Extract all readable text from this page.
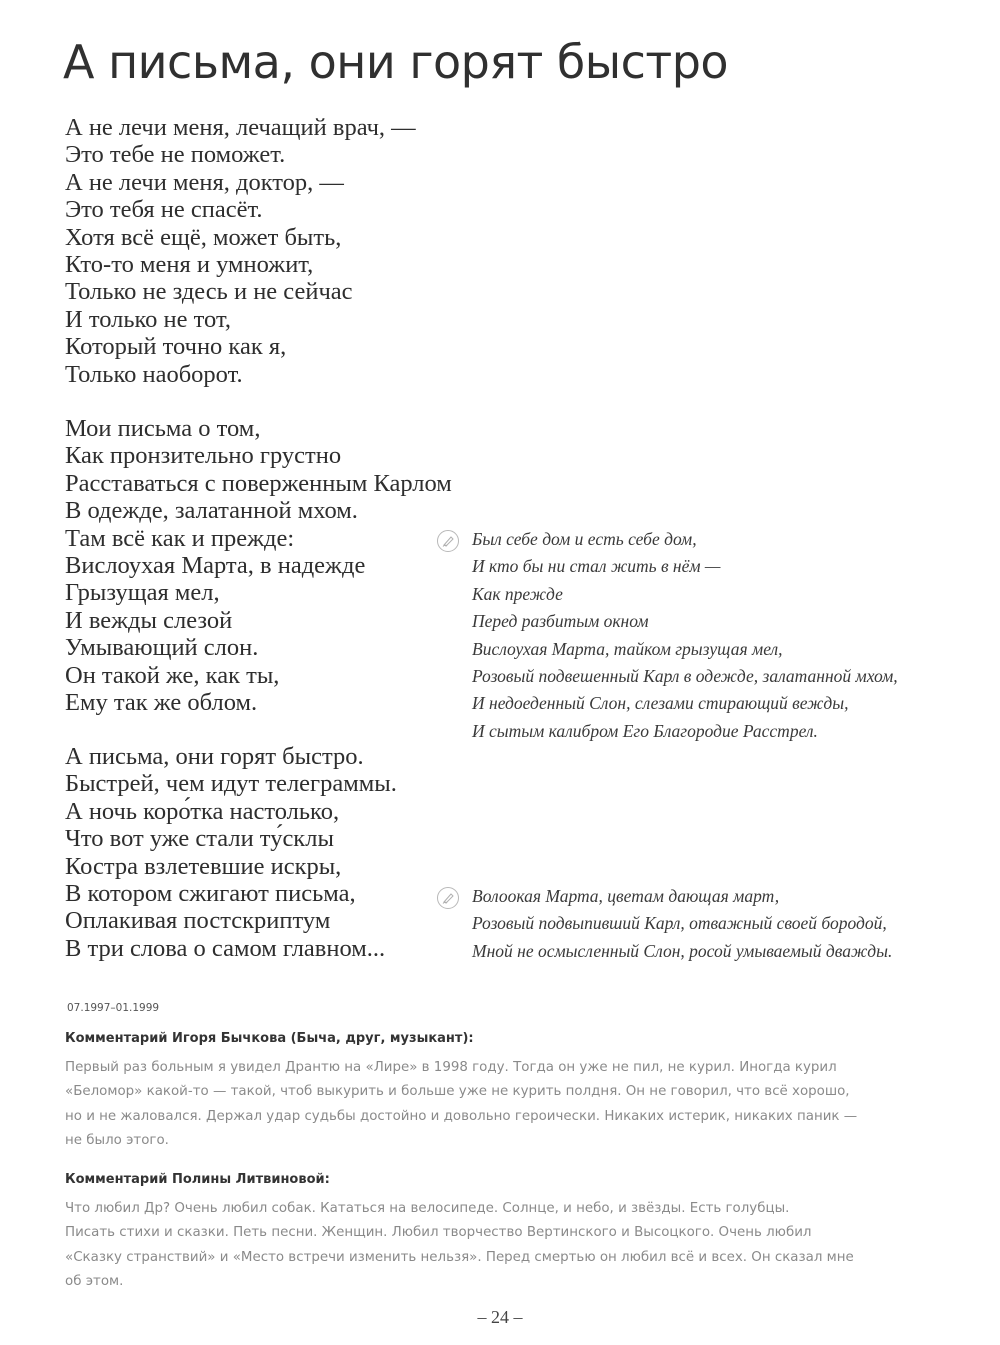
А письма, они горят быстро
А не лечи меня, лечащий врач, —
Это тебе не поможет.
А не лечи меня, доктор, —
Это тебя не спасёт.
Хотя всё ещё, может быть,
Кто-то меня и умножит,
Только не здесь и не сейчас
И только не тот,
Который точно как я,
Только наоборот.
Мои письма о том,
Как пронзительно грустно
Расставаться с поверженным Карлом
В одежде, залатанной мхом.
Там всё как и прежде:
Вислоухая Марта, в надежде
Грызущая мел,
И вежды слезой
Умывающий слон.
Он такой же, как ты,
Ему так же облом.
А письма, они горят быстро.
Быстрей, чем идут телеграммы.
А ночь коро́тка настолько,
Что вот уже стали ту́склы
Костра взлетевшие искры,
В котором сжигают письма,
Оплакивая постскриптум
В три слова о самом главном...
Был себе дом и есть себе дом,
И кто бы ни стал жить в нём —
Как прежде
Перед разбитым окном
Вислоухая Марта, тайком грызущая мел,
Розовый подвешенный Карл в одежде, залатанной мхом,
И недоеденный Слон, слезами стирающий вежды,
И сытым калибром Его Благородие Расстрел.
Волоокая Марта, цветам дающая март,
Розовый подвыпивший Карл, отважный своей бородой,
Мной не осмысленный Слон, росой умываемый дважды.
07.1997–01.1999
Комментарий Игоря Бычкова (Быча, друг, музыкант):

Первый раз больным я увидел Дрантю на «Лире» в 1998 году. Тогда он уже не пил, не курил. Иногда курил
«Беломор» какой-то — такой, чтоб выкурить и больше уже не курить полдня. Он не говорил, что всё хорошо,
но и не жаловался. Держал удар судьбы достойно и довольно героически. Никаких истерик, никаких паник —
не было этого.

Комментарий Полины Литвиновой:

Что любил Др? Очень любил собак. Кататься на велосипеде. Солнце, и небо, и звёзды. Есть голубцы.
Писать стихи и сказки. Петь песни. Женщин. Любил творчество Вертинского и Высоцкого. Очень любил
«Сказку странствий» и «Место встречи изменить нельзя». Перед смертью он любил всё и всех. Он сказал мне
об этом.

– 24 –
